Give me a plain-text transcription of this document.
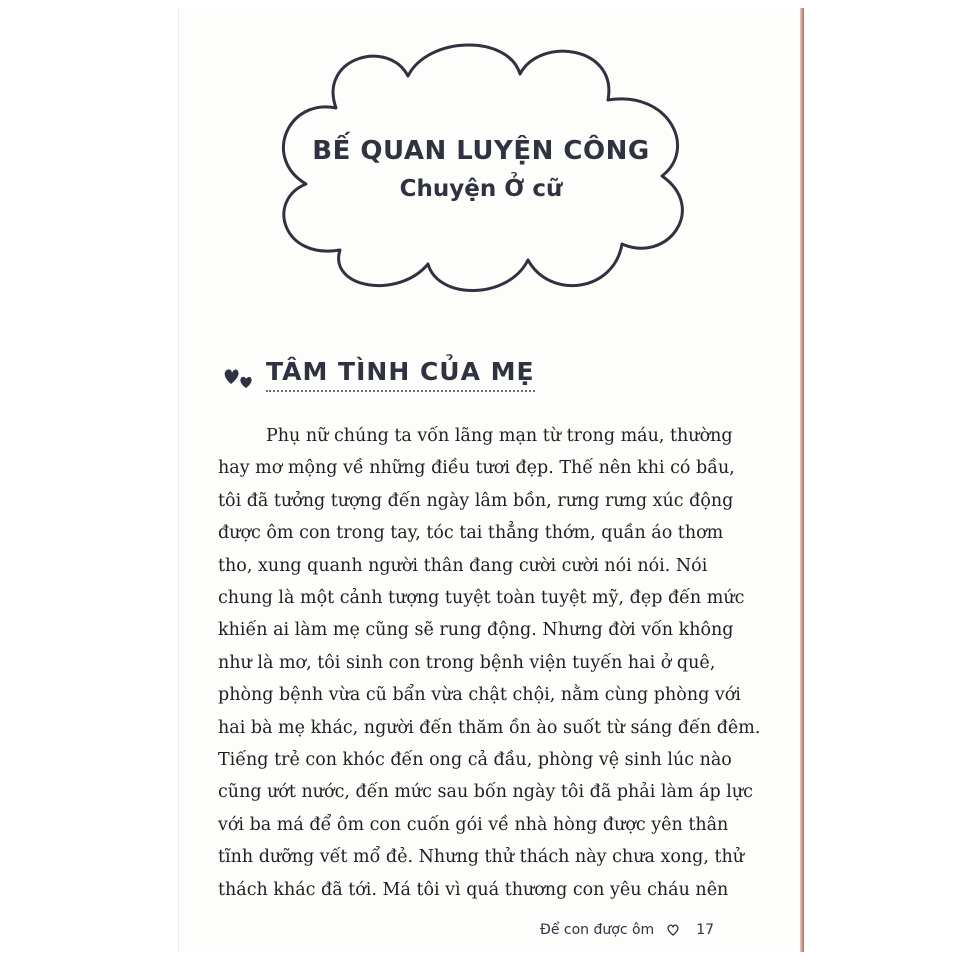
BẾ QUAN LUYỆN CÔNG
Chuyện Ở cữ
TÂM TÌNH CỦA MẸ

Phụ nữ chúng ta vốn lãng mạn từ trong máu, thường
hay mơ mộng về những điều tươi đẹp. Thế nên khi có bầu,
tôi đã tưởng tượng đến ngày lâm bồn, rưng rưng xúc động
được ôm con trong tay, tóc tai thẳng thớm, quần áo thơm
tho, xung quanh người thân đang cười cười nói nói. Nói
chung là một cảnh tượng tuyệt toàn tuyệt mỹ, đẹp đến mức
khiến ai làm mẹ cũng sẽ rung động. Nhưng đời vốn không
như là mơ, tôi sinh con trong bệnh viện tuyến hai ở quê,
phòng bệnh vừa cũ bẩn vừa chật chội, nằm cùng phòng với
hai bà mẹ khác, người đến thăm ồn ào suốt từ sáng đến đêm.
Tiếng trẻ con khóc đến ong cả đầu, phòng vệ sinh lúc nào
cũng ướt nước, đến mức sau bốn ngày tôi đã phải làm áp lực
với ba má để ôm con cuốn gói về nhà hòng được yên thân
tĩnh dưỡng vết mổ đẻ. Nhưng thử thách này chưa xong, thử
thách khác đã tới. Má tôi vì quá thương con yêu cháu nên

Để con được ôm	17
